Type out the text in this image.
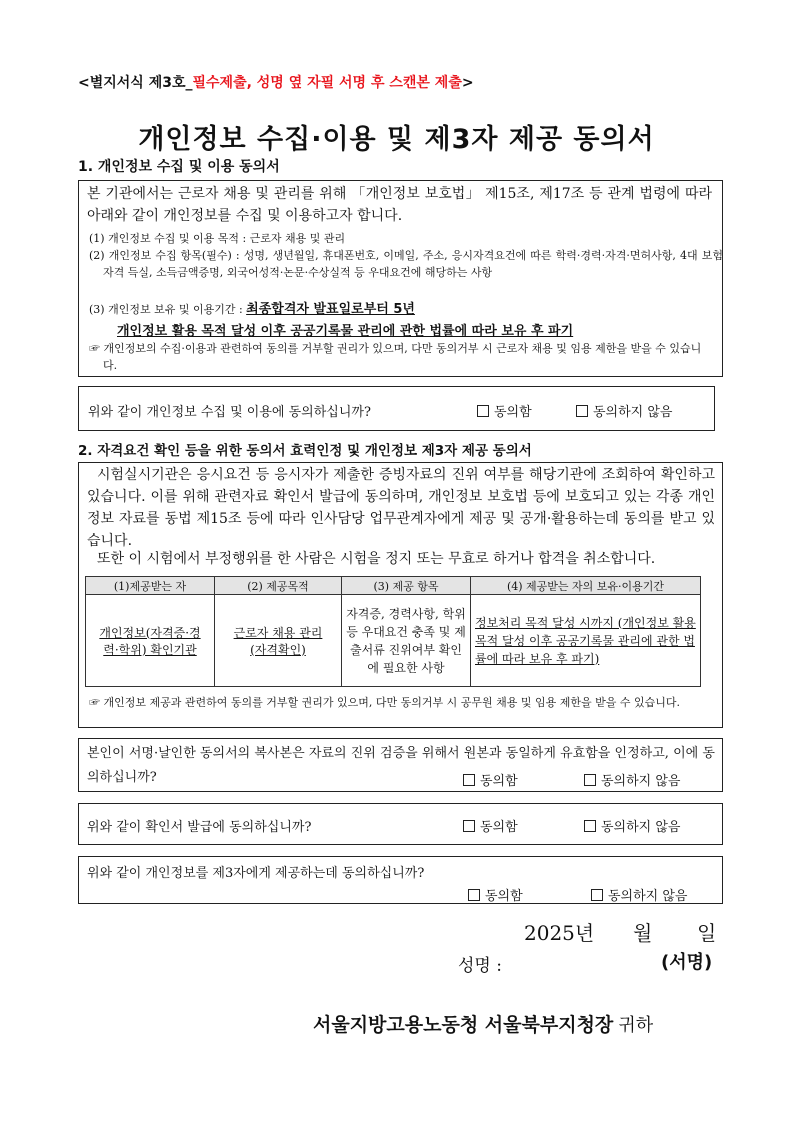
<별지서식 제3호_필수제출, 성명 옆 자필 서명 후 스캔본 제출>
개인정보 수집·이용 및 제3자 제공 동의서
1. 개인정보 수집 및 이용 동의서
본 기관에서는 근로자 채용 및 관리를 위해 「개인정보 보호법」 제15조, 제17조 등 관계 법령에 따라 아래와 같이 개인정보를 수집 및 이용하고자 합니다.
(1) 개인정보 수집 및 이용 목적 : 근로자 채용 및 관리
(2) 개인정보 수집 항목(필수) : 성명, 생년월일, 휴대폰번호, 이메일, 주소, 응시자격요건에 따른 학력·경력·자격·면허사항, 4대 보험 자격 득실, 소득금액증명, 외국어성적·논문·수상실적 등 우대요건에 해당하는 사항
(3) 개인정보 보유 및 이용기간 : 최종합격자 발표일로부터 5년
개인정보 활용 목적 달성 이후 공공기록물 관리에 관한 법률에 따라 보유 후 파기
☞ 개인정보의 수집·이용과 관련하여 동의를 거부할 권리가 있으며, 다만 동의거부 시 근로자 채용 및 임용 제한을 받을 수 있습니다.
위와 같이 개인정보 수집 및 이용에 동의하십니까?	동의함	동의하지 않음
2. 자격요건 확인 등을 위한 동의서 효력인정 및 개인정보 제3자 제공 동의서
시험실시기관은 응시요건 등 응시자가 제출한 증빙자료의 진위 여부를 해당기관에 조회하여 확인하고 있습니다. 이를 위해 관련자료 확인서 발급에 동의하며, 개인정보 보호법 등에 보호되고 있는 각종 개인정보 자료를 동법 제15조 등에 따라 인사담당 업무관계자에게 제공 및 공개·활용하는데 동의를 받고 있습니다.
또한 이 시험에서 부정행위를 한 사람은 시험을 정지 또는 무효로 하거나 합격을 취소합니다.
(1)제공받는 자	(2) 제공목적	(3) 제공 항목	(4) 제공받는 자의 보유·이용기간
개인정보(자격증·경력·학위) 확인기관	근로자 채용 관리 (자격확인)	자격증, 경력사항, 학위 등 우대요건 충족 및 제출서류 진위여부 확인에 필요한 사항	정보처리 목적 달성 시까지 (개인정보 활용 목적 달성 이후 공공기록물 관리에 관한 법률에 따라 보유 후 파기)
☞ 개인정보 제공과 관련하여 동의를 거부할 권리가 있으며, 다만 동의거부 시 공무원 채용 및 임용 제한을 받을 수 있습니다.
본인이 서명·날인한 동의서의 복사본은 자료의 진위 검증을 위해서 원본과 동일하게 유효함을 인정하고, 이에 동의하십니까?	동의함	동의하지 않음
위와 같이 확인서 발급에 동의하십니까?	동의함	동의하지 않음
위와 같이 개인정보를 제3자에게 제공하는데 동의하십니까?
동의함	동의하지 않음
2025년 월 일
성명 :	(서명)
서울지방고용노동청 서울북부지청장 귀하
